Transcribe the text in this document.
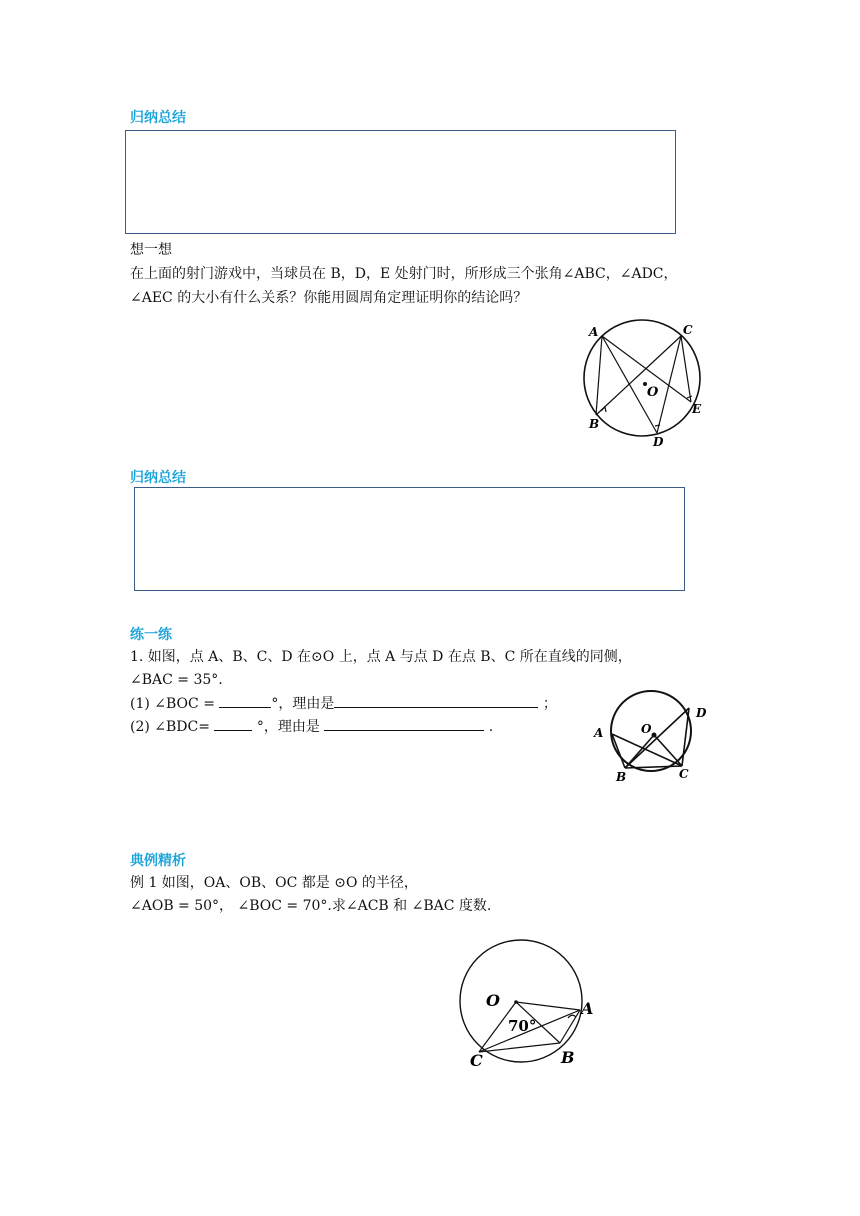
归纳总结
想一想
在上面的射门游戏中，当球员在 B，D，E 处射门时，所形成三个张角∠ABC，∠ADC，
∠AEC 的大小有什么关系？你能用圆周角定理证明你的结论吗？
A	C
O
B
D
E
归纳总结
练一练
1. 如图，点 A、B、C、D 在⊙O 上，点 A 与点 D 在点 B、C 所在直线的同侧，
∠BAC = 35°.
(1) ∠BOC =	°，理由是	；
(2) ∠BDC=	°，理由是	.	A	O
D
B	C
典例精析
例 1 如图，OA、OB、OC 都是 ⊙O 的半径，
∠AOB = 50°， ∠BOC = 70°.求∠ACB 和 ∠BAC 度数.
O
70°
A
B
C
